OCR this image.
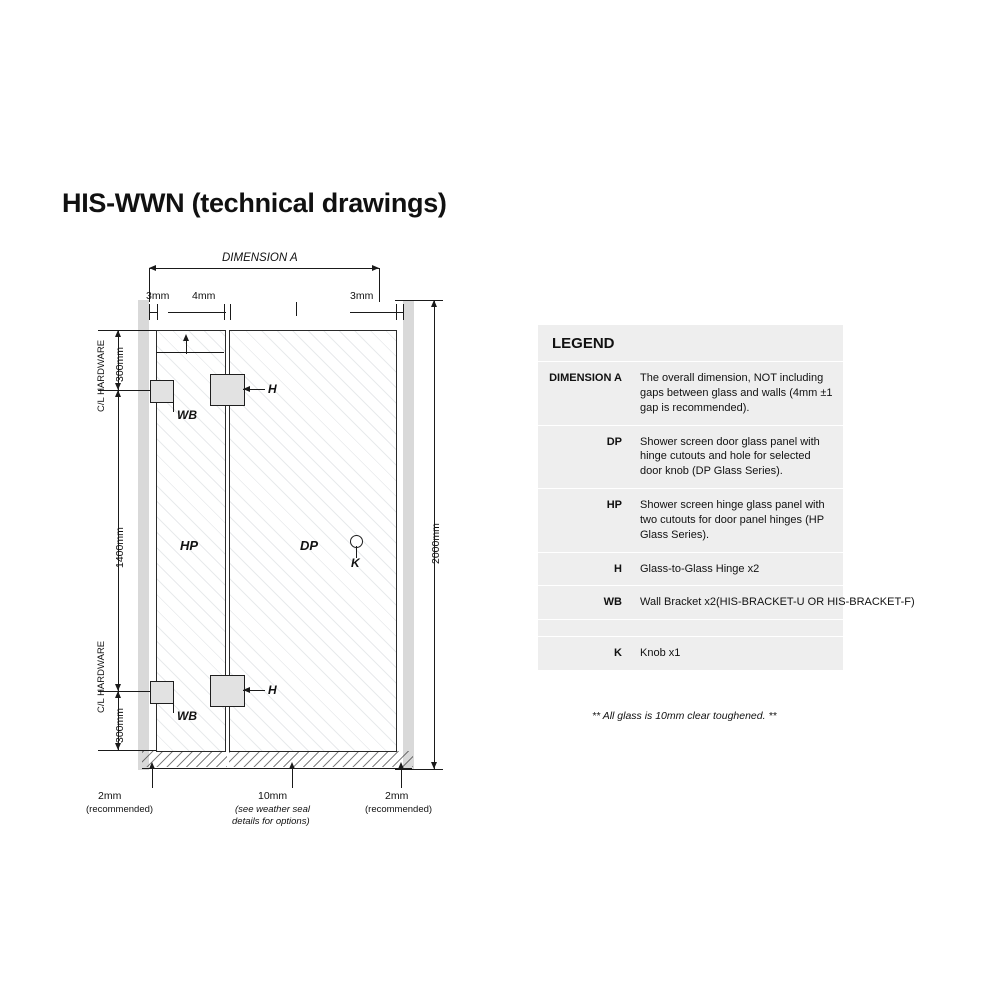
HIS-WWN (technical drawings)
H
H
WB
WB
HP	DP
K
DIMENSION A
3mm 4mm	3mm
300mm
1400mm
300mm
C/L HARDWARE
C/L HARDWARE
2000mm
2mm
(recommended)
10mm
(see weather seal
details for options)
2mm
(recommended)
LEGEND
DIMENSION A	The overall dimension, NOT including gaps between glass and walls (4mm ±1 gap is recommended).
DP	Shower screen door glass panel with hinge cutouts and hole for selected door knob (DP Glass Series).
HP	Shower screen hinge glass panel with two cutouts for door panel hinges (HP Glass Series).
H	Glass-to-Glass Hinge x2
WB	Wall Bracket x2(HIS-BRACKET-U OR HIS-BRACKET-F)
K	Knob x1
** All glass is 10mm clear toughened. **
